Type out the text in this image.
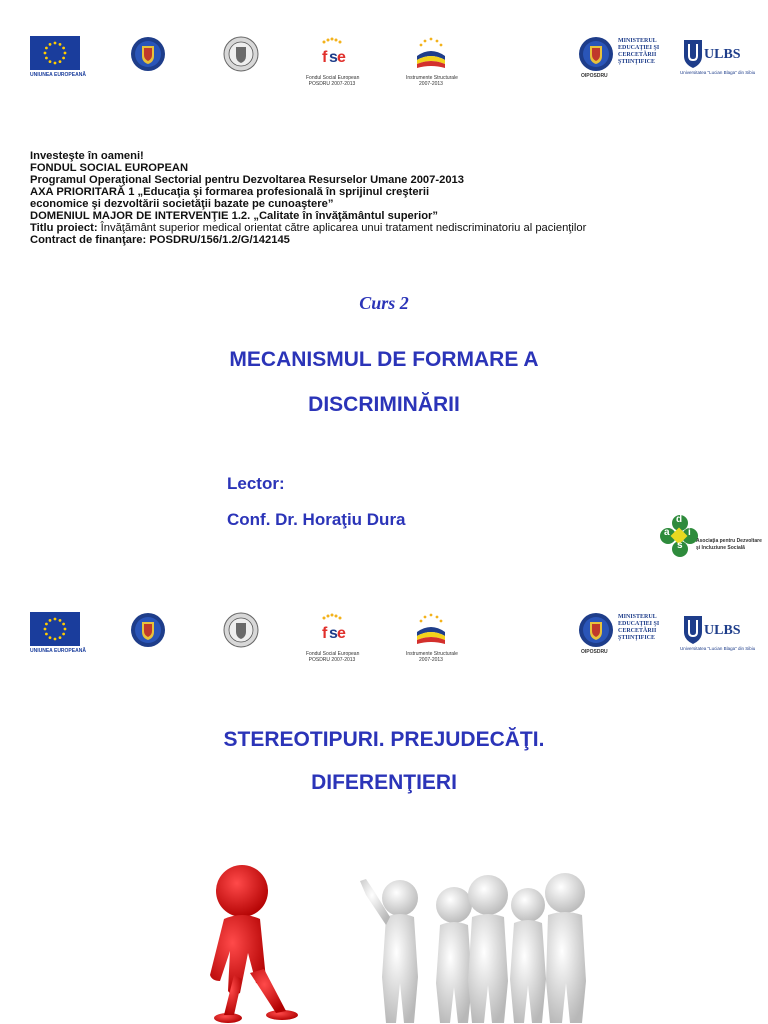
UNIUNEA EUROPEANĂ
f s e
Fondul Social European
POSDRU 2007-2013
Instrumente Structurale
2007-2013
MINISTERUL
EDUCAŢIEI ŞI
CERCETĂRII
ŞTIINŢIFICE
OIPOSDRU
ULBS
Universitatea "Lucian Blaga" din Sibiu
Investeşte în oameni!
FONDUL SOCIAL EUROPEAN
Programul Operaţional Sectorial pentru Dezvoltarea Resurselor Umane 2007-2013
AXA PRIORITARĂ 1 „Educaţia şi formarea profesională în sprijinul creşterii
economice şi dezvoltării societăţii bazate pe cunoaştere”
DOMENIUL MAJOR DE INTERVENŢIE 1.2. „Calitate în învăţământul superior”
Titlu proiect: Învăţământ superior medical orientat către aplicarea unui tratament nediscriminatoriu al pacienţilor
Contract de finanţare: POSDRU/156/1.2/G/142145
Curs 2
MECANISMUL DE FORMARE A
DISCRIMINĂRII
Lector:
Conf. Dr. Horaţiu Dura	d
a i
s	Asociaţia pentru Dezvoltare
şi Incluziune Socială
UNIUNEA EUROPEANĂ
f s e
Fondul Social European
POSDRU 2007-2013
Instrumente Structurale
2007-2013
MINISTERUL
EDUCAŢIEI ŞI
CERCETĂRII
ŞTIINŢIFICE
OIPOSDRU
ULBS
Universitatea "Lucian Blaga" din Sibiu
STEREOTIPURI. PREJUDECĂŢI.
DIFERENŢIERI
